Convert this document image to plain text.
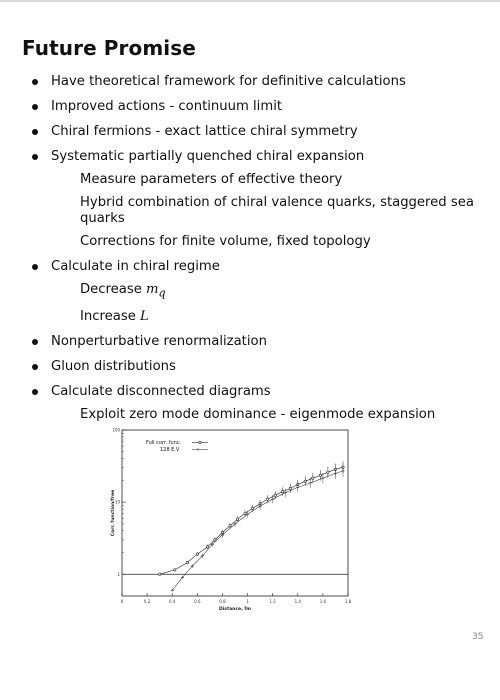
Future Promise

Have theoretical framework for definitive calculations

Improved actions - continuum limit

Chiral fermions - exact lattice chiral symmetry

Systematic partially quenched chiral expansion

Measure parameters of effective theory

Hybrid combination of chiral valence quarks, staggered sea quarks

Corrections for finite volume, fixed topology

Calculate in chiral regime

Decrease $m_q$

Increase L

Nonperturbative renormalization

Gluon distributions

Calculate disconnected diagrams

Exploit zero mode dominance - eigenmode expansion

0	0.2	0.4	0.6	0.8	1	1.2	1.4	1.6	1.8
1
10
100
Distance, fm
Corr. function/free
Full corr. func.
128 E.V
35
